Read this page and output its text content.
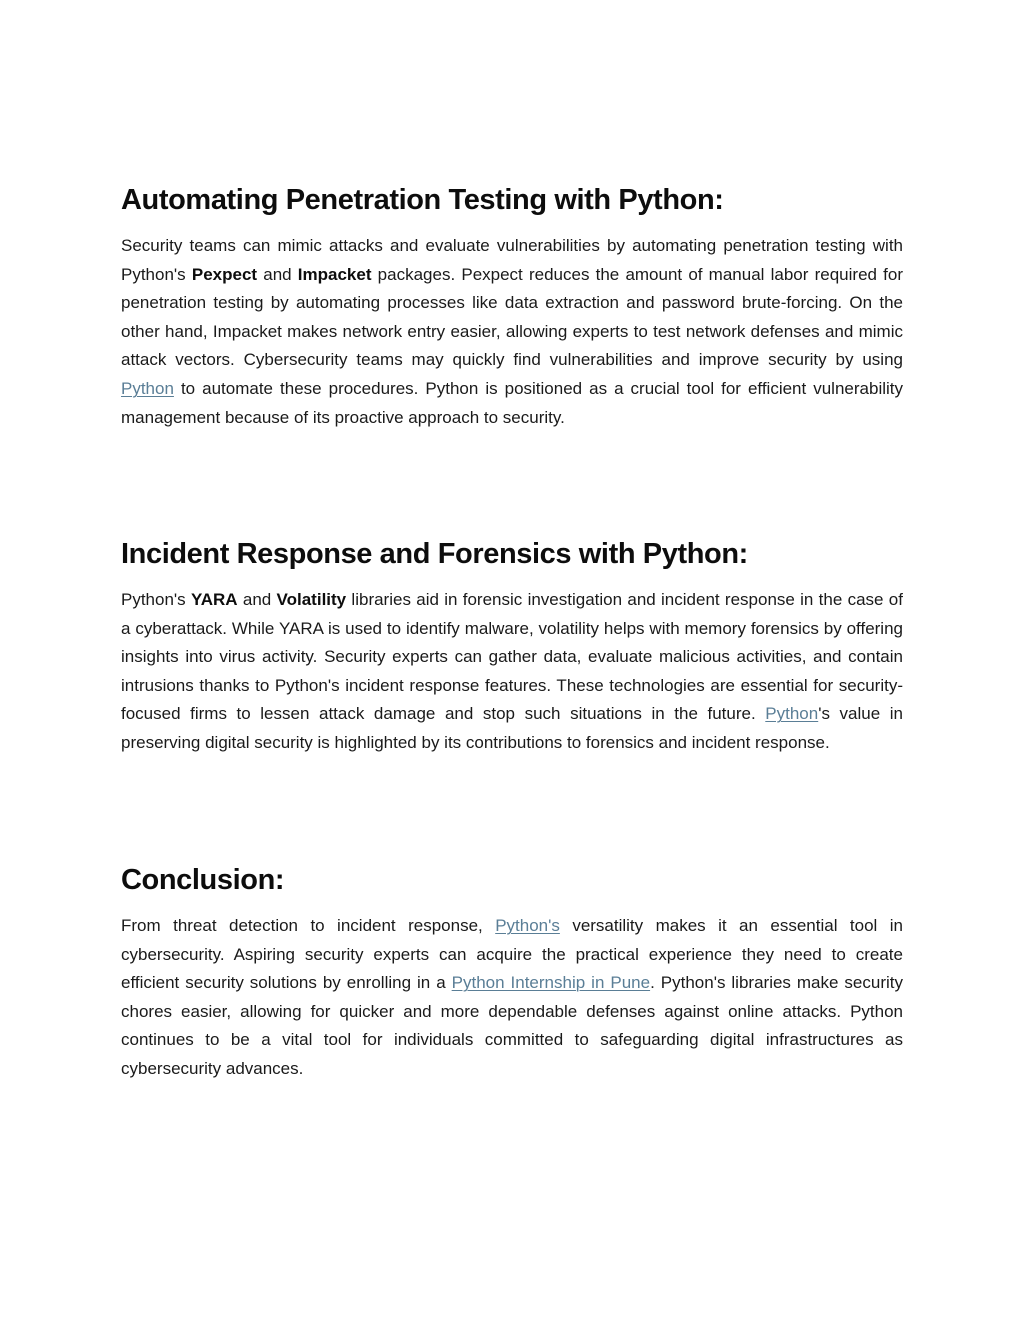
Automating Penetration Testing with Python:

Security teams can mimic attacks and evaluate vulnerabilities by automating penetration testing with Python's Pexpect and Impacket packages. Pexpect reduces the amount of manual labor required for penetration testing by automating processes like data extraction and password brute-forcing. On the other hand, Impacket makes network entry easier, allowing experts to test network defenses and mimic attack vectors. Cybersecurity teams may quickly find vulnerabilities and improve security by using Python to automate these procedures. Python is positioned as a crucial tool for efficient vulnerability management because of its proactive approach to security.

Incident Response and Forensics with Python:

Python's YARA and Volatility libraries aid in forensic investigation and incident response in the case of a cyberattack. While YARA is used to identify malware, volatility helps with memory forensics by offering insights into virus activity. Security experts can gather data, evaluate malicious activities, and contain intrusions thanks to Python's incident response features. These technologies are essential for security-focused firms to lessen attack damage and stop such situations in the future. Python's value in preserving digital security is highlighted by its contributions to forensics and incident response.

Conclusion:

From threat detection to incident response, Python's versatility makes it an essential tool in cybersecurity. Aspiring security experts can acquire the practical experience they need to create efficient security solutions by enrolling in a Python Internship in Pune. Python's libraries make security chores easier, allowing for quicker and more dependable defenses against online attacks. Python continues to be a vital tool for individuals committed to safeguarding digital infrastructures as cybersecurity advances.
